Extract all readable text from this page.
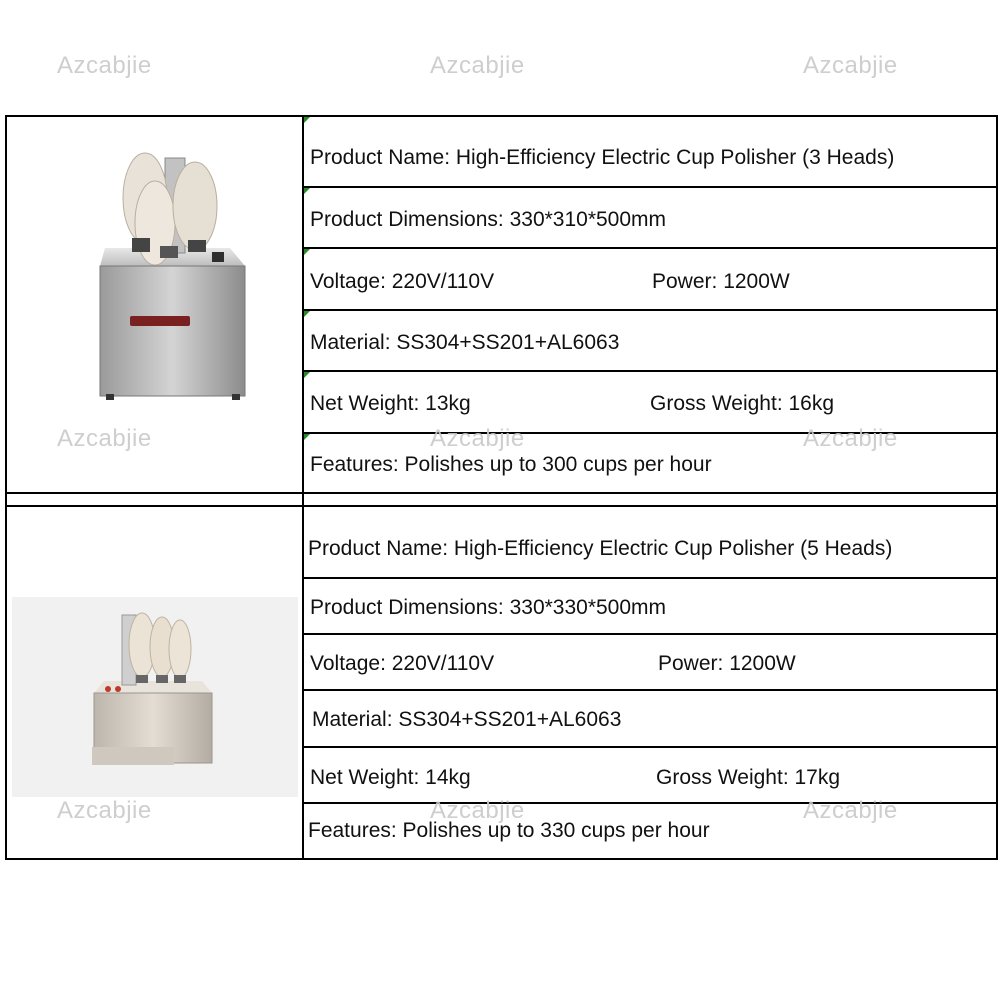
Azcabjie	Azcabjie	Azcabjie
Azcabjie	Azcabjie	Azcabjie
Azcabjie	Azcabjie	Azcabjie
Product Name: High-Efficiency Electric Cup Polisher (3 Heads)
Product Dimensions: 330*310*500mm
Voltage: 220V/110V	Power: 1200W
Material: SS304+SS201+AL6063
Net Weight: 13kg	Gross Weight: 16kg
Features: Polishes up to 300 cups per hour
Product Name: High-Efficiency Electric Cup Polisher (5 Heads)
Product Dimensions: 330*330*500mm
Voltage: 220V/110V	Power: 1200W
Material: SS304+SS201+AL6063
Net Weight: 14kg	Gross Weight: 17kg
Features: Polishes up to 330 cups per hour
